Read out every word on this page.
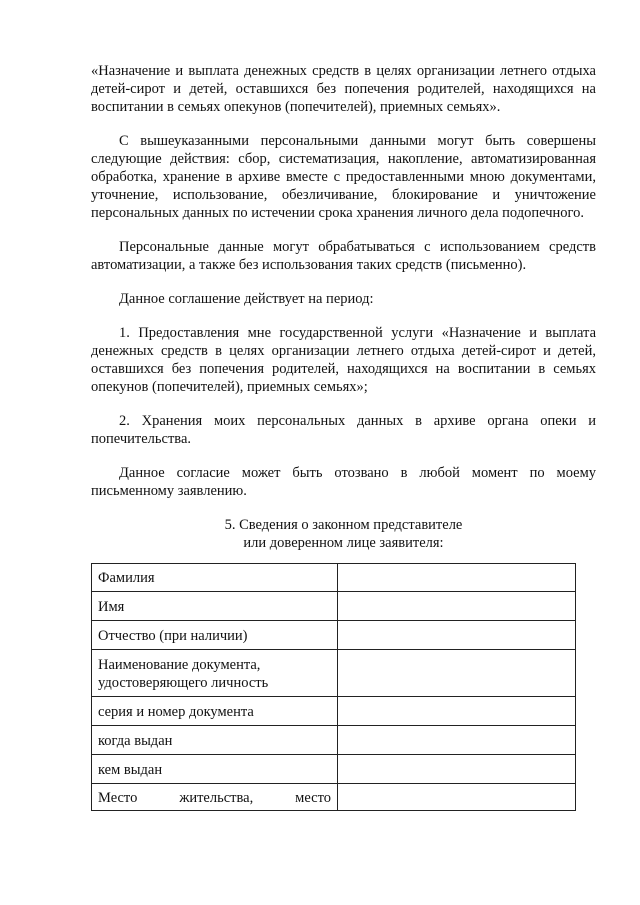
«Назначение и выплата денежных средств в целях организации летнего отдыха детей-сирот и детей, оставшихся без попечения родителей, находящихся на воспитании в семьях опекунов (попечителей), приемных семьях».

С вышеуказанными персональными данными могут быть совершены следующие действия: сбор, систематизация, накопление, автоматизированная обработка, хранение в архиве вместе с предоставленными мною документами, уточнение, использование, обезличивание, блокирование и уничтожение персональных данных по истечении срока хранения личного дела подопечного.

Персональные данные могут обрабатываться с использованием средств автоматизации, а также без использования таких средств (письменно).

Данное соглашение действует на период:

1. Предоставления мне государственной услуги «Назначение и выплата денежных средств в целях организации летнего отдыха детей-сирот и детей, оставшихся без попечения родителей, находящихся на воспитании в семьях опекунов (попечителей), приемных семьях»;

2. Хранения моих персональных данных в архиве органа опеки и попечительства.

Данное согласие может быть отозвано в любой момент по моему письменному заявлению.

5. Сведения о законном представителе
или доверенном лице заявителя:
Фамилия	
Имя	
Отчество (при наличии)	
Наименование документа, удостоверяющего личность	
серия и номер документа	
когда выдан	
кем выдан	
Место жительства, место	
